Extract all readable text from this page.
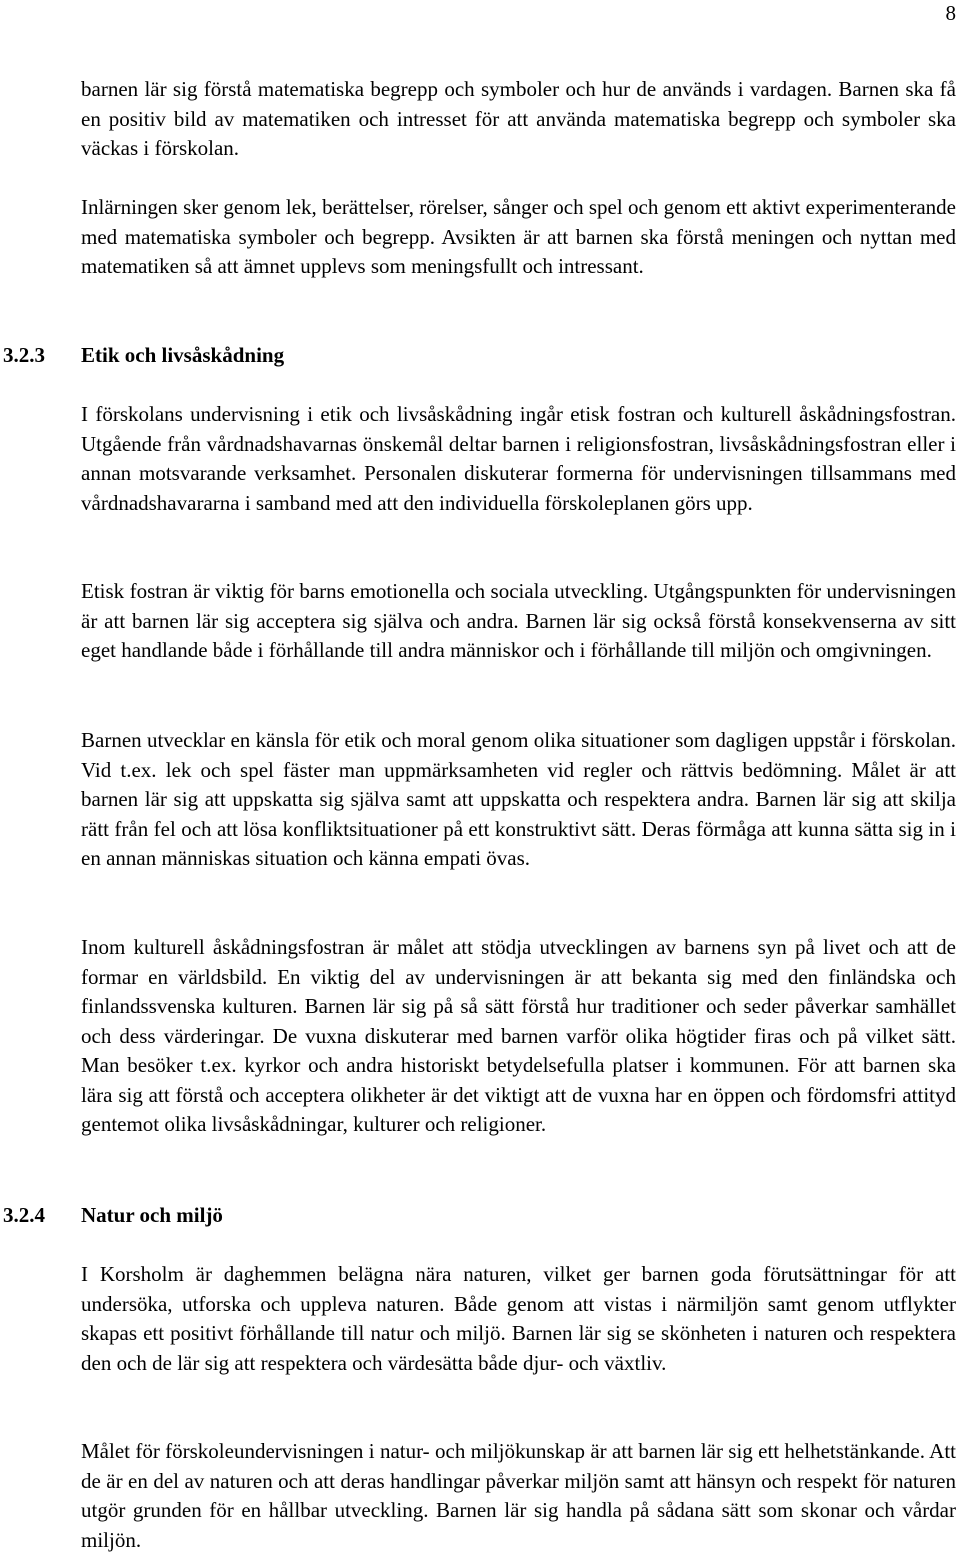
8

barnen lär sig förstå matematiska begrepp och symboler och hur de används i vardagen. Barnen ska få en positiv bild av matematiken och intresset för att använda matematiska begrepp och symboler ska väckas i förskolan.

Inlärningen sker genom lek, berättelser, rörelser, sånger och spel och genom ett aktivt experimenterande med matematiska symboler och begrepp. Avsikten är att barnen ska förstå meningen och nyttan med matematiken så att ämnet upplevs som meningsfullt och intressant.

3.2.3 Etik och livsåskådning

I förskolans undervisning i etik och livsåskådning ingår etisk fostran och kulturell åskådningsfostran. Utgående från vårdnadshavarnas önskemål deltar barnen i religionsfostran, livsåskådningsfostran eller i annan motsvarande verksamhet. Personalen diskuterar formerna för undervisningen tillsammans med vårdnadshavararna i samband med att den individuella förskoleplanen görs upp.

Etisk fostran är viktig för barns emotionella och sociala utveckling. Utgångspunkten för undervisningen är att barnen lär sig acceptera sig själva och andra. Barnen lär sig också förstå konsekvenserna av sitt eget handlande både i förhållande till andra människor och i förhållande till miljön och omgivningen.

Barnen utvecklar en känsla för etik och moral genom olika situationer som dagligen uppstår i förskolan. Vid t.ex. lek och spel fäster man uppmärksamheten vid regler och rättvis bedömning. Målet är att barnen lär sig att uppskatta sig själva samt att uppskatta och respektera andra. Barnen lär sig att skilja rätt från fel och att lösa konfliktsituationer på ett konstruktivt sätt. Deras förmåga att kunna sätta sig in i en annan människas situation och känna empati övas.

Inom kulturell åskådningsfostran är målet att stödja utvecklingen av barnens syn på livet och att de formar en världsbild. En viktig del av undervisningen är att bekanta sig med den finländska och finlandssvenska kulturen. Barnen lär sig på så sätt förstå hur traditioner och seder påverkar samhället och dess värderingar. De vuxna diskuterar med barnen varför olika högtider firas och på vilket sätt. Man besöker t.ex. kyrkor och andra historiskt betydelsefulla platser i kommunen. För att barnen ska lära sig att förstå och acceptera olikheter är det viktigt att de vuxna har en öppen och fördomsfri attityd gentemot olika livsåskådningar, kulturer och religioner.

3.2.4 Natur och miljö

I Korsholm är daghemmen belägna nära naturen, vilket ger barnen goda förutsättningar för att undersöka, utforska och uppleva naturen. Både genom att vistas i närmiljön samt genom utflykter skapas ett positivt förhållande till natur och miljö. Barnen lär sig se skönheten i naturen och respektera den och de lär sig att respektera och värdesätta både djur- och växtliv.

Målet för förskoleundervisningen i natur- och miljökunskap är att barnen lär sig ett helhetstänkande. Att de är en del av naturen och att deras handlingar påverkar miljön samt att hänsyn och respekt för naturen utgör grunden för en hållbar utveckling. Barnen lär sig handla på sådana sätt som skonar och vårdar miljön.
